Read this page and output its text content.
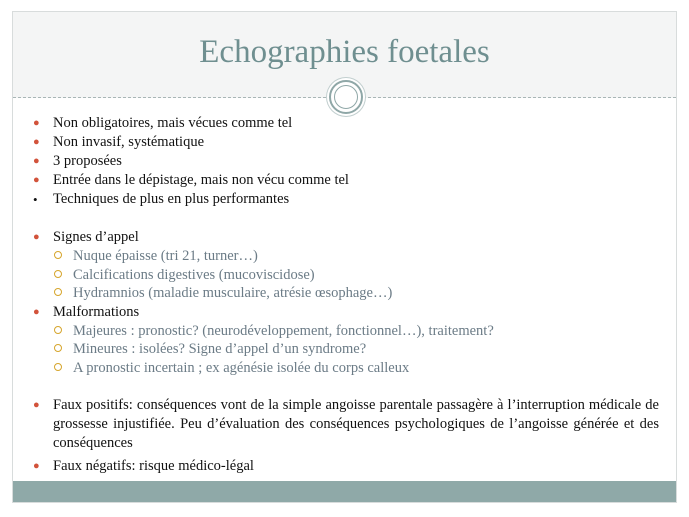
Echographies foetales
● Non obligatoires, mais vécues comme tel
● Non invasif, systématique
● 3 proposées
● Entrée dans le dépistage, mais non vécu comme tel
•	Techniques de plus en plus performantes
● Signes d’appel
Nuque épaisse (tri 21, turner…)
Calcifications digestives (mucoviscidose)
Hydramnios (maladie musculaire, atrésie œsophage…)
● Malformations
Majeures : pronostic? (neurodéveloppement, fonctionnel…), traitement?
Mineures : isolées? Signe d’appel d’un syndrome?
A pronostic incertain ; ex agénésie isolée du corps calleux
● Faux positifs: conséquences vont de la simple angoisse parentale passagère à l’interruption médicale de grossesse injustifiée. Peu d’évaluation des conséquences psychologiques de l’angoisse générée et des conséquences
● Faux négatifs: risque médico-légal
